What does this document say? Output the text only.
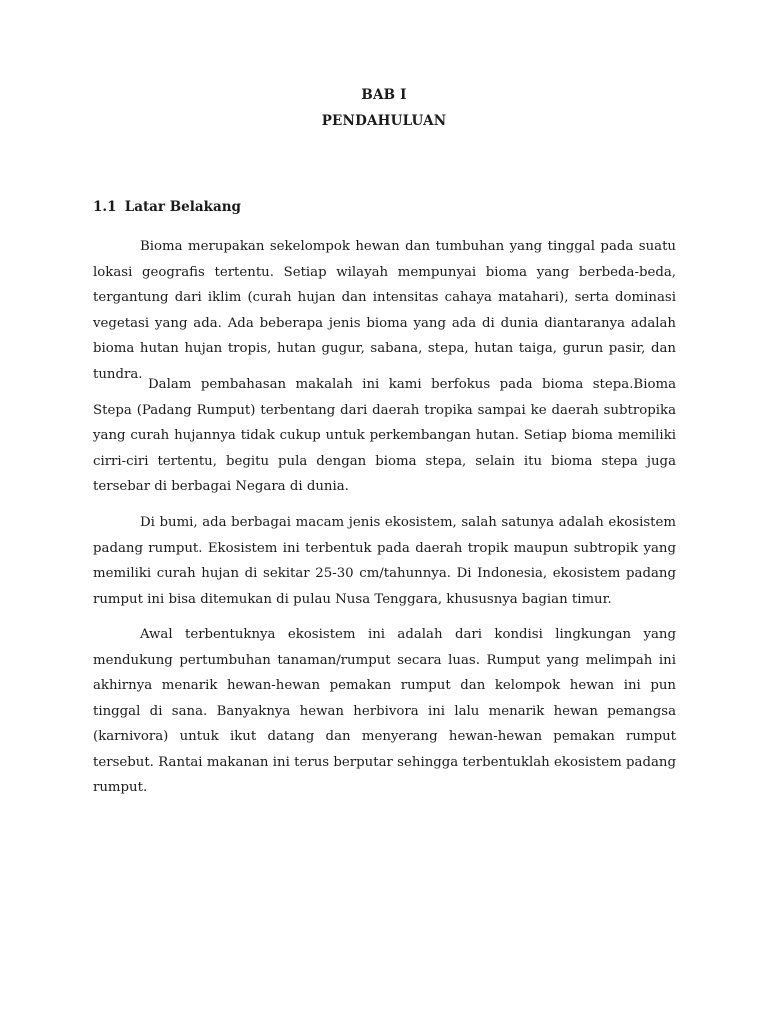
BAB I
PENDAHULUAN
1.1 Latar Belakang

Bioma merupakan sekelompok hewan dan tumbuhan yang tinggal pada suatu lokasi geografis tertentu. Setiap wilayah mempunyai bioma yang berbeda-beda, tergantung dari iklim (curah hujan dan intensitas cahaya matahari), serta dominasi vegetasi yang ada. Ada beberapa jenis bioma yang ada di dunia diantaranya adalah bioma hutan hujan tropis, hutan gugur, sabana, stepa, hutan taiga, gurun pasir, dan tundra.

Dalam pembahasan makalah ini kami berfokus pada bioma stepa.Bioma Stepa (Padang Rumput) terbentang dari daerah tropika sampai ke daerah subtropika yang curah hujannya tidak cukup untuk perkembangan hutan. Setiap bioma memiliki cirri-ciri tertentu, begitu pula dengan bioma stepa, selain itu bioma stepa juga tersebar di berbagai Negara di dunia.

Di bumi, ada berbagai macam jenis ekosistem, salah satunya adalah ekosistem padang rumput. Ekosistem ini terbentuk pada daerah tropik maupun subtropik yang memiliki curah hujan di sekitar 25-30 cm/tahunnya. Di Indonesia, ekosistem padang rumput ini bisa ditemukan di pulau Nusa Tenggara, khususnya bagian timur.

Awal terbentuknya ekosistem ini adalah dari kondisi lingkungan yang mendukung pertumbuhan tanaman/rumput secara luas. Rumput yang melimpah ini akhirnya menarik hewan-hewan pemakan rumput dan kelompok hewan ini pun tinggal di sana. Banyaknya hewan herbivora ini lalu menarik hewan pemangsa (karnivora) untuk ikut datang dan menyerang hewan-hewan pemakan rumput tersebut. Rantai makanan ini terus berputar sehingga terbentuklah ekosistem padang rumput.
